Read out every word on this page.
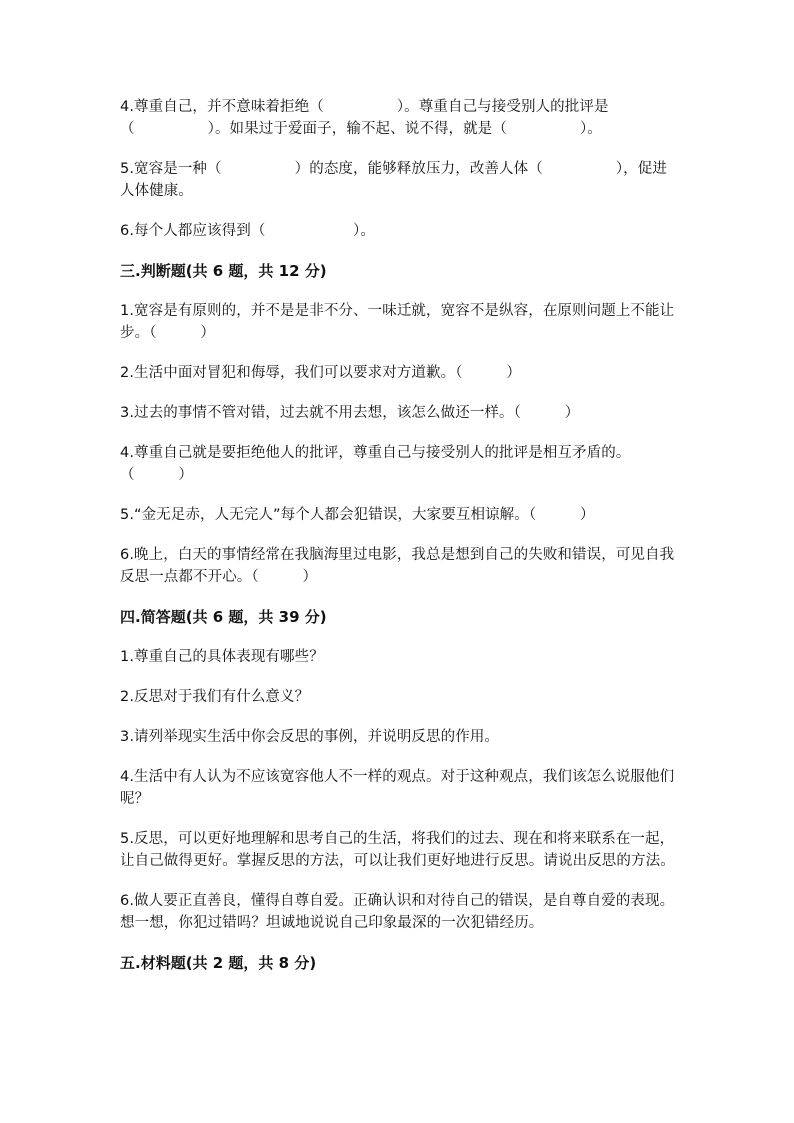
4.尊重自己，并不意味着拒绝（　　　　　）。尊重自己与接受别人的批评是（　　　　　）。如果过于爱面子，输不起、说不得，就是（　　　　　）。

5.宽容是一种（　　　　　）的态度，能够释放压力，改善人体（　　　　　），促进人体健康。

6.每个人都应该得到（　　　　　　）。

三.判断题(共 6 题，共 12 分)

1.宽容是有原则的，并不是是非不分、一味迁就，宽容不是纵容，在原则问题上不能让步。（　　　）

2.生活中面对冒犯和侮辱，我们可以要求对方道歉。（　　　）

3.过去的事情不管对错，过去就不用去想，该怎么做还一样。（　　　）

4.尊重自己就是要拒绝他人的批评，尊重自己与接受别人的批评是相互矛盾的。（　　　）

5.“金无足赤，人无完人”每个人都会犯错误，大家要互相谅解。（　　　）

6.晚上，白天的事情经常在我脑海里过电影，我总是想到自己的失败和错误，可见自我反思一点都不开心。（　　　）

四.简答题(共 6 题，共 39 分)

1.尊重自己的具体表现有哪些？

2.反思对于我们有什么意义？

3.请列举现实生活中你会反思的事例，并说明反思的作用。

4.生活中有人认为不应该宽容他人不一样的观点。对于这种观点，我们该怎么说服他们呢？

5.反思，可以更好地理解和思考自己的生活，将我们的过去、现在和将来联系在一起，让自己做得更好。掌握反思的方法，可以让我们更好地进行反思。请说出反思的方法。

6.做人要正直善良，懂得自尊自爱。正确认识和对待自己的错误，是自尊自爱的表现。想一想，你犯过错吗？坦诚地说说自己印象最深的一次犯错经历。

五.材料题(共 2 题，共 8 分)
